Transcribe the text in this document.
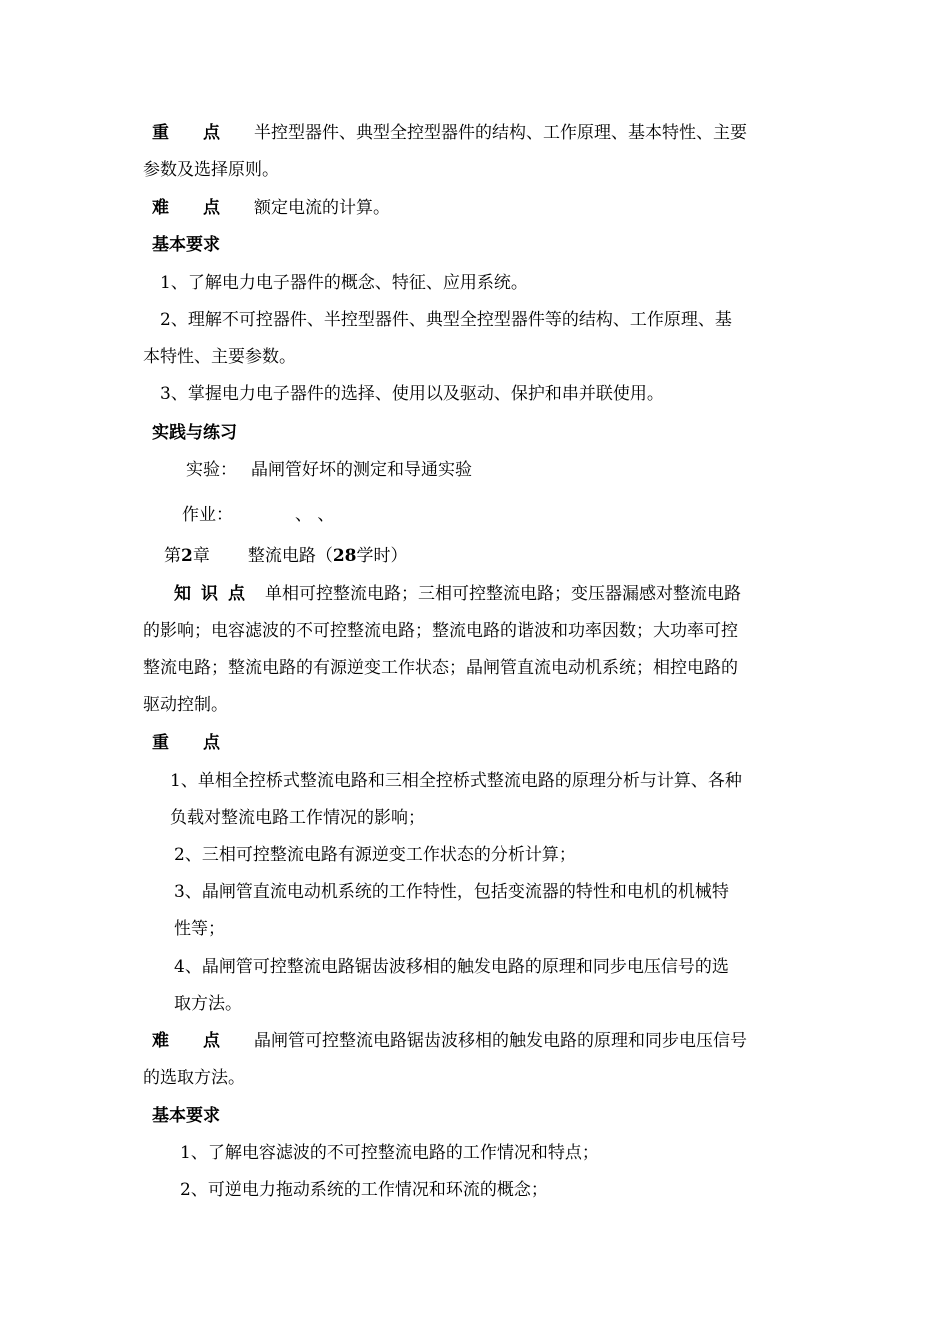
重点半控型器件、典型全控型器件的结构、工作原理、基本特性、主要

参数及选择原则。

难点额定电流的计算。

基本要求

1、了解电力电子器件的概念、特征、应用系统。

2、理解不可控器件、半控型器件、典型全控型器件等的结构、工作原理、基

本特性、主要参数。

3、掌握电力电子器件的选择、使用以及驱动、保护和串并联使用。

实践与练习

实验： 晶闸管好坏的测定和导通实验

作业：	、 、

第2章 整流电路（28学时）

知识点 单相可控整流电路；三相可控整流电路；变压器漏感对整流电路

的影响；电容滤波的不可控整流电路；整流电路的谐波和功率因数；大功率可控

整流电路；整流电路的有源逆变工作状态；晶闸管直流电动机系统；相控电路的

驱动控制。

重点

1、单相全控桥式整流电路和三相全控桥式整流电路的原理分析与计算、各种

负载对整流电路工作情况的影响；

2、三相可控整流电路有源逆变工作状态的分析计算；

3、晶闸管直流电动机系统的工作特性，包括变流器的特性和电机的机械特

性等；

4、晶闸管可控整流电路锯齿波移相的触发电路的原理和同步电压信号的选

取方法。

难点晶闸管可控整流电路锯齿波移相的触发电路的原理和同步电压信号

的选取方法。

基本要求

1、了解电容滤波的不可控整流电路的工作情况和特点；

2、可逆电力拖动系统的工作情况和环流的概念；
